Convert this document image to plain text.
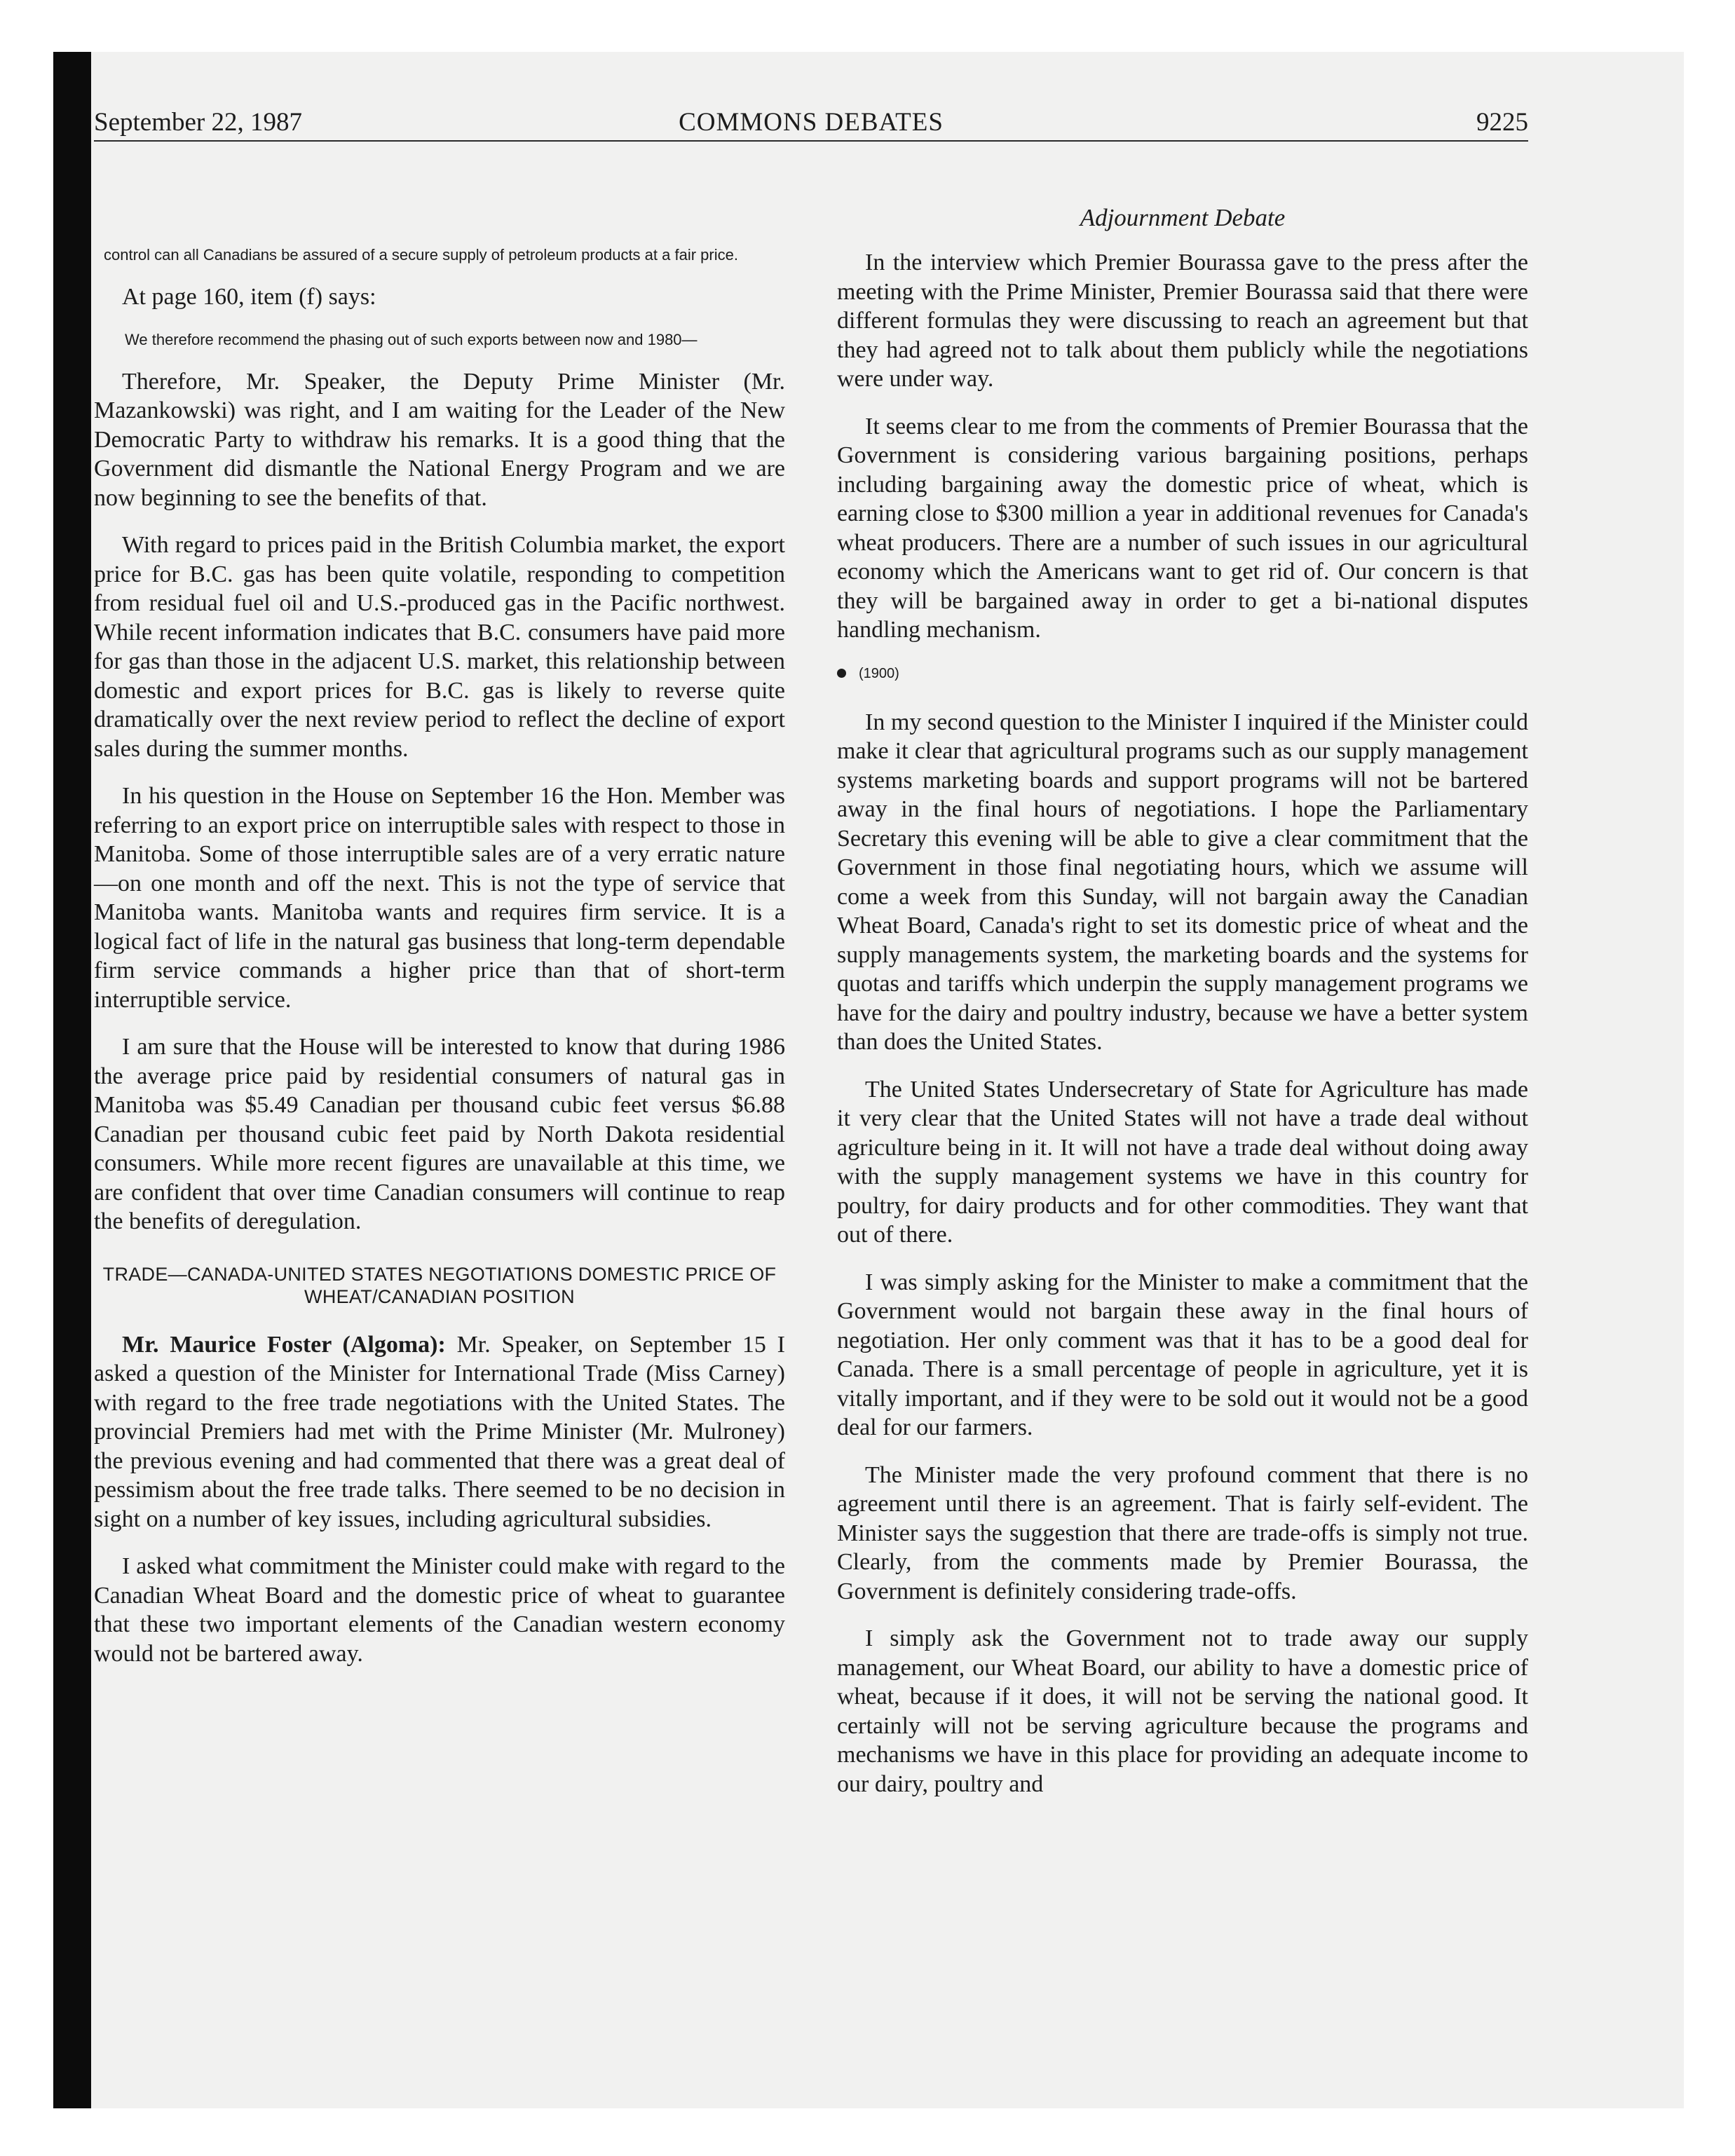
September 22, 1987	COMMONS DEBATES	9225

control can all Canadians be assured of a secure supply of petroleum products at a fair price.

At page 160, item (f) says:

We therefore recommend the phasing out of such exports between now and 1980—

Therefore, Mr. Speaker, the Deputy Prime Minister (Mr. Mazankowski) was right, and I am waiting for the Leader of the New Democratic Party to withdraw his remarks. It is a good thing that the Government did dismantle the National Energy Program and we are now beginning to see the benefits of that.

With regard to prices paid in the British Columbia market, the export price for B.C. gas has been quite volatile, responding to competition from residual fuel oil and U.S.-produced gas in the Pacific northwest. While recent information indicates that B.C. consumers have paid more for gas than those in the adjacent U.S. market, this relationship between domestic and export prices for B.C. gas is likely to reverse quite dramatically over the next review period to reflect the decline of export sales during the summer months.

In his question in the House on September 16 the Hon. Member was referring to an export price on interruptible sales with respect to those in Manitoba. Some of those interruptible sales are of a very erratic nature—on one month and off the next. This is not the type of service that Manitoba wants. Manitoba wants and requires firm service. It is a logical fact of life in the natural gas business that long-term dependable firm service commands a higher price than that of short-term interruptible service.

I am sure that the House will be interested to know that during 1986 the average price paid by residential consumers of natural gas in Manitoba was $5.49 Canadian per thousand cubic feet versus $6.88 Canadian per thousand cubic feet paid by North Dakota residential consumers. While more recent figures are unavailable at this time, we are confident that over time Canadian consumers will continue to reap the benefits of deregulation.

TRADE—CANADA-UNITED STATES NEGOTIATIONS DOMESTIC PRICE OF WHEAT/CANADIAN POSITION

Mr. Maurice Foster (Algoma): Mr. Speaker, on September 15 I asked a question of the Minister for International Trade (Miss Carney) with regard to the free trade negotiations with the United States. The provincial Premiers had met with the Prime Minister (Mr. Mulroney) the previous evening and had commented that there was a great deal of pessimism about the free trade talks. There seemed to be no decision in sight on a number of key issues, including agricultural subsidies.

I asked what commitment the Minister could make with regard to the Canadian Wheat Board and the domestic price of wheat to guarantee that these two important elements of the Canadian western economy would not be bartered away.

Adjournment Debate

In the interview which Premier Bourassa gave to the press after the meeting with the Prime Minister, Premier Bourassa said that there were different formulas they were discussing to reach an agreement but that they had agreed not to talk about them publicly while the negotiations were under way.

It seems clear to me from the comments of Premier Bourassa that the Government is considering various bargaining positions, perhaps including bargaining away the domestic price of wheat, which is earning close to $300 million a year in additional revenues for Canada's wheat producers. There are a number of such issues in our agricultural economy which the Americans want to get rid of. Our concern is that they will be bargained away in order to get a bi-national disputes handling mechanism.

(1900)

In my second question to the Minister I inquired if the Minister could make it clear that agricultural programs such as our supply management systems marketing boards and support programs will not be bartered away in the final hours of negotiations. I hope the Parliamentary Secretary this evening will be able to give a clear commitment that the Government in those final negotiating hours, which we assume will come a week from this Sunday, will not bargain away the Canadian Wheat Board, Canada's right to set its domestic price of wheat and the supply managements system, the marketing boards and the systems for quotas and tariffs which underpin the supply management programs we have for the dairy and poultry industry, because we have a better system than does the United States.

The United States Undersecretary of State for Agriculture has made it very clear that the United States will not have a trade deal without agriculture being in it. It will not have a trade deal without doing away with the supply management systems we have in this country for poultry, for dairy products and for other commodities. They want that out of there.

I was simply asking for the Minister to make a commitment that the Government would not bargain these away in the final hours of negotiation. Her only comment was that it has to be a good deal for Canada. There is a small percentage of people in agriculture, yet it is vitally important, and if they were to be sold out it would not be a good deal for our farmers.

The Minister made the very profound comment that there is no agreement until there is an agreement. That is fairly self-evident. The Minister says the suggestion that there are trade-offs is simply not true. Clearly, from the comments made by Premier Bourassa, the Government is definitely considering trade-offs.

I simply ask the Government not to trade away our supply management, our Wheat Board, our ability to have a domestic price of wheat, because if it does, it will not be serving the national good. It certainly will not be serving agriculture because the programs and mechanisms we have in this place for providing an adequate income to our dairy, poultry and
